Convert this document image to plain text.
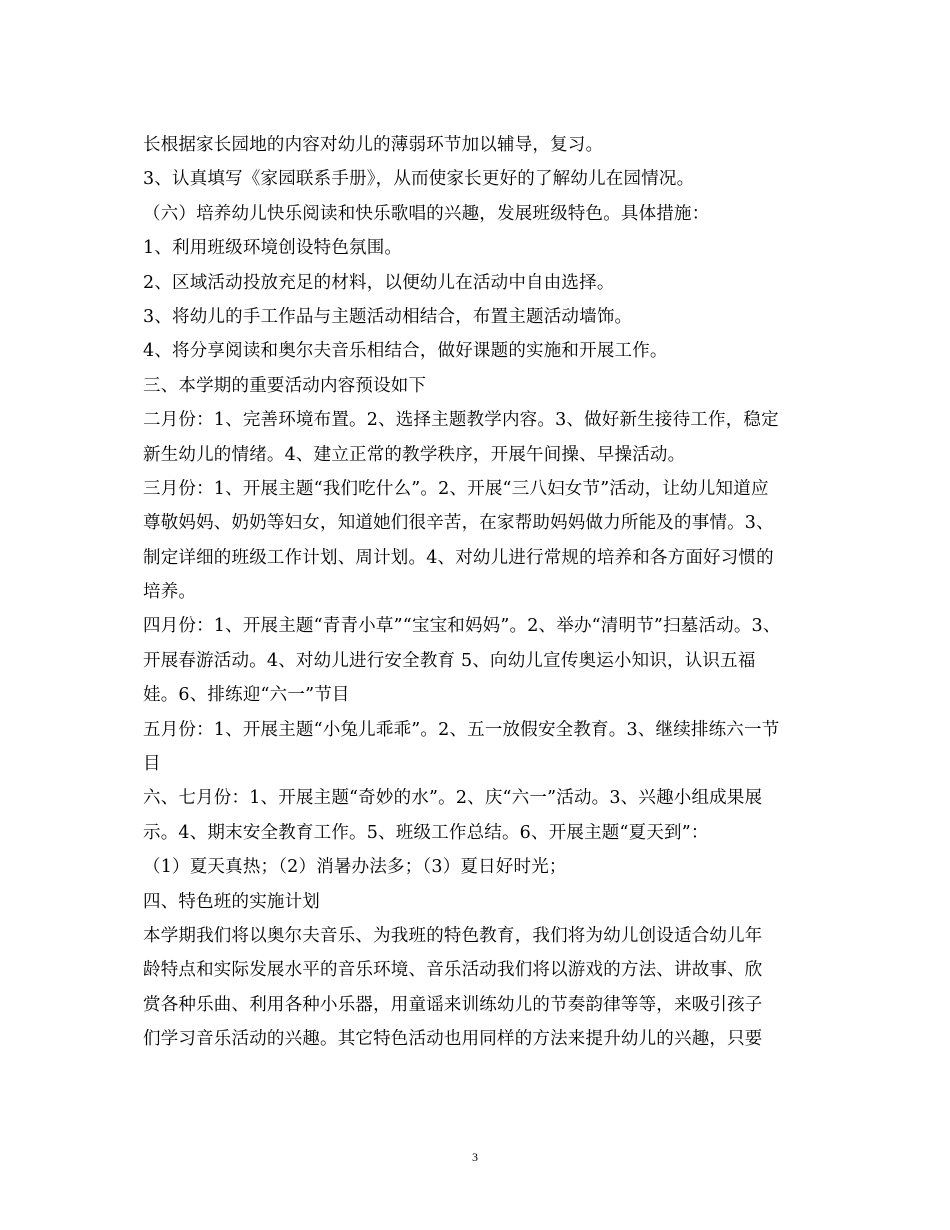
长根据家长园地的内容对幼儿的薄弱环节加以辅导，复习。
3、认真填写《家园联系手册》，从而使家长更好的了解幼儿在园情况。
（六）培养幼儿快乐阅读和快乐歌唱的兴趣，发展班级特色。具体措施：
1、利用班级环境创设特色氛围。
2、区域活动投放充足的材料，以便幼儿在活动中自由选择。
3、将幼儿的手工作品与主题活动相结合，布置主题活动墙饰。
4、将分享阅读和奥尔夫音乐相结合，做好课题的实施和开展工作。
三、本学期的重要活动内容预设如下
二月份：1、完善环境布置。2、选择主题教学内容。3、做好新生接待工作，稳定
新生幼儿的情绪。4、建立正常的教学秩序，开展午间操、早操活动。
三月份：1、开展主题“我们吃什么”。2、开展“三八妇女节”活动，让幼儿知道应
尊敬妈妈、奶奶等妇女，知道她们很辛苦，在家帮助妈妈做力所能及的事情。3、
制定详细的班级工作计划、周计划。4、对幼儿进行常规的培养和各方面好习惯的
培养。
四月份：1、开展主题“青青小草”“宝宝和妈妈”。2、举办“清明节”扫墓活动。3、
开展春游活动。4、对幼儿进行安全教育 5、向幼儿宣传奥运小知识，认识五福
娃。6、排练迎“六一”节目
五月份：1、开展主题“小兔儿乖乖”。2、五一放假安全教育。3、继续排练六一节
目
六、七月份：1、开展主题“奇妙的水”。2、庆“六一”活动。3、兴趣小组成果展
示。4、期末安全教育工作。5、班级工作总结。6、开展主题“夏天到”：
（1）夏天真热；（2）消暑办法多；（3）夏日好时光；
四、特色班的实施计划
本学期我们将以奥尔夫音乐、为我班的特色教育，我们将为幼儿创设适合幼儿年
龄特点和实际发展水平的音乐环境、音乐活动我们将以游戏的方法、讲故事、欣
赏各种乐曲、利用各种小乐器，用童谣来训练幼儿的节奏韵律等等，来吸引孩子
们学习音乐活动的兴趣。其它特色活动也用同样的方法来提升幼儿的兴趣，只要
3
